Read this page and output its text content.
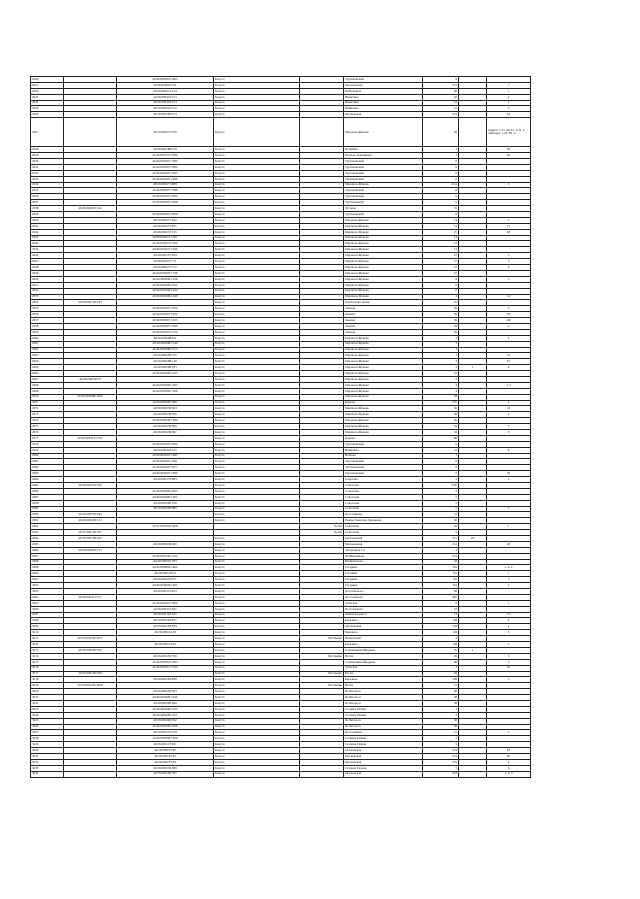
2920		40:26:000297:1603	Калуга		Тургеневский	6		
2921		40:26:000091:311	Калуга		Молодежная	231		7
2922		40:26:000012:214	Калуга		Кибальчича	30		1
2923		40:26:000325:513	Калуга		Никитина	45		4
2924		40:26:000325:153	Калуга		Никитина	41		3
2925		40:26:000325:512	Калуга		Никитина	41		3
2926		40:26:000183:213	Калуга		Московская	215		63
2927		40:26:000237:676	Калуга		Маршала Жукова	29		подвал: 1-31, 40-42, А, Б, I, чайтомы: 1-24, Ю, 9
2928		40:26:000188:720	Калуга		Пушкина	3		60
2929		40:26:000172:1486	Калуга		Братьев Луканиных	3		62
2930		40:26:000297:1984	Калуга		Тургеневский	6		
2931		40:26:000297:1996	Калуга		Тургеневский	6		
2932		40:26:000297:1993	Калуга		Тургеневский	6		
2933		40:26:000297:1999	Калуга		Тургеневский	6		
2934		40:26:000271:888	Калуга		Маршала Жукова	21А		3
2935		40:26:000297:1998	Калуга		Тургеневский	6		
2936		40:26:000297:1995	Калуга		Тургеневский	6		
2937		40:26:000297:1999	Калуга		Тургеневский	6		
2938	40:26:000025:624		Калуга		Луговая	35		
2939		40:26:000297:2000	Калуга		Тургеневский	6		
2940		40:26:000272:622	Калуга		Маршала Жукова	14		1
2941		40:26:000272:621	Калуга		Маршала Жукова	14		11
2942		40:26:000237:155	Калуга		Маршала Жукова	25		28
2943		40:26:000272:1307	Калуга		Маршала Жукова	14		
2944		40:26:000272:1300	Калуга		Маршала Жукова	14		
2945		40:26:000272:1299	Калуга		Маршала Жукова	14		
2946		40:26:000127:264	Калуга		Маршала Жукова	27		3
2947		40:26:000237:711	Калуга		Маршала Жукова	27		5
2948		40:26:000237:712	Калуга		Маршала Жукова	27		6
2949		40:26:000295:1748	Калуга		Маршала Жукова	27		
2950		40:26:000299:1166	Калуга		Маршала Жукова	8		3
2951		40:26:000299:1322	Калуга		Маршала Жукова	6		
2952		40:26:000299:1444	Калуга		Маршала Жукова	6		
2953		40:26:000299:1440	Калуга		Маршала Жукова	4		1-2
2954	40:26:000164:233		Калуга		Грибоедова малая	47		
2955		40:26:000267:1630	Калуга		Ленина	59		3
2956		40:26:000267:1632	Калуга		Ленина	59		101
2957		40:26:000267:1633	Калуга		Ленина	59		100
2958		40:26:000267:1999	Калуга		Ленина	59		2
2959		40:26:000267:2130	Калуга		Ленина	59		
2960		40:26:000298:911	Калуга		Маршала Жукова	3		5
2961		40:26:000298:1146	Калуга		Маршала Жукова	3		
2962		40:26:000298:1213	Калуга		Маршала Жукова	3		
2963		40:26:000298:145	Калуга		Маршала Жукова	3		10
2964		40:26:000298:149	Калуга		Маршала Жукова	3		67
2965		40:26:000298:185	Калуга		Маршала Жукова	3	1	6
2966		40:26:000298:1443	Калуга		Маршала Жукова	10		
2967	40:26:000238:73		Калуга		Маршала Жукова	5		
2968		40:26:000299:1363	Калуга		Маршала Жукова	4		1-3
2969		40:26:000299:1368	Калуга		Маршала Жукова	4		
2970	40:26:000298:1406		Калуга		Маршала Жукова	18		
2971		40:26:000299:2087	Калуга		Кирова	27б		2
2972		40:26:000238:663	Калуга		Маршала Жукова	36		43
2973		40:26:000238:656	Калуга		Маршала Жукова	36		2
2974		40:26:000238:1499	Калуга		Маршала Жукова	36		
2975		40:26:000238:906	Калуга		Маршала Жукова	34		3
2976		40:26:000238:901	Калуга		Маршала Жукова	34		3
2977	40:26:000313:1793		Калуга		Кирова	80		
2978		40:26:000297:2006	Калуга		Тургеневский	6		
2979		40:26:000325:515	Калуга		Никитина	41		8
2980		40:26:000297:1693	Калуга		Победы	1		
2981		40:26:000297:1981	Калуга		Тургеневский	6		
2982		40:26:000297:1977	Калуга		Тургеневский	6		
2983		40:26:000297:1980	Калуга		Тургеневский	6		79
2984		40:26:000174:963	Калуга		Спартака	5		2
2985	40:26:000252:109		Калуга		Советская	110б		
2986		40:26:000280:1003	Калуга		Советская	5		
2987		40:26:000280:1002	Калуга		Советская	5		
2988		40:26:000280:918	Калуга		Советская	5		
2989		40:26:000280:886	Калуга		Советская	5		1
2990	40:26:000333:464		Калуга		Пестеливова	12		
2991	40:26:000300:123		Калуга		Рождественская Дорожная	30		
2992		40:21:000164:1008		Росва	Советская	9а		1
2993	40:21:000164:761			Росва	Советская	9		
2994	40:26:000108:292		Калуга		Молодежная	231	19	
2995		40:26:000038:400	Калуга		Молодежная	231		20
2996	40:26:000055:173		Калуга		Заторецкая 1-я	1		
2997		40:26:000142:1252	Калуга		Ф.Никитиной	219		
2998		40:26:000091:783	Калуга		Вишневского	34		
2999		40:26:000000:1664	Калуга		Гагарина	8А		1, 4, 2
3000		40:26:000118:53	Калуга		Гагарина	8А		1
3001		40:26:000118:677	Калуга		Гагарина	8А		5
3002		40:26:000000:1665	Калуга		Гагарина	8А		2
3003		40:26:000312:813	Калуга		Достоевского	49		
3004	40:26:000321:121		Калуга		Достоевского	44б		
3005		40:26:000321:1860	Калуга		Тульская	6		1
3006		40:26:000312:941	Калуга		Достоевского	53		
3007		40:26:000163:325	Калуга		Ленинградского	13		1-5
3008		40:26:000164:877	Калуга		Березина	128		6
3009		40:26:000128:834	Калуга		Московская	128		2
3010		40:26:000164:78	Калуга		Березина	128		3
3011	40:25:000130:3377		Калуга	Мстихино	Придачный	4		
3012		40:26:000164:76	Калуга		Березина	128		1
3013	40:26:000362:524		Калуга		Солнышкин-Щедрина	76	1	
3014		40:26:000130:799	Калуга	Мстихино	Весна	26		3
3015		40:26:000363:1993	Калуга		Солнышкин-Щедрина	68		2
3016		40:26:000312:1343	Калуга		Тульская	4		91
3017	40:25:000130:949		Калуга	Мстихино	Весна	29		
3018		40:26:000164:858	Калуга		Березина	128		3
3019	40:25:000130:3058		Калуга	Мстихино	Весна	21		
3020		40:26:000299:503	Калуга		Ф.Энгельса	38		
3021		40:26:000299:1446	Калуга		Ф.Энгельса	38		
3022		40:26:000299:496	Калуга		Ф.Энгельса	38		
3023		40:26:000298:1164	Калуга		Степана Разина	3		
3024		40:26:000298:1165	Калуга		Степана Разина	3		
3025		40:26:000299:502	Калуга		Ф.Энгельса	38		
3026		40:26:000299:1439	Калуга		Ф.Энгельса	38		
3027		40:26:000132:378	Калуга		Пестеливова	21		1
3028		40:26:000298:1209	Калуга		Степана Разина	3		
3029		40:26:000127:921	Калуга		Степана Разина	5		
3030		40:26:000185:90	Калуга		Московская	219		83
3031		40:26:000185:81	Калуга		Московская	219		80
3032		40:26:000185:83	Калуга		Московская	219		4
3033		40:26:000236:988	Калуга		Степана Разина	5		6
3034		40:26:000185:337	Калуга		Московская	219		1, 2, 3
